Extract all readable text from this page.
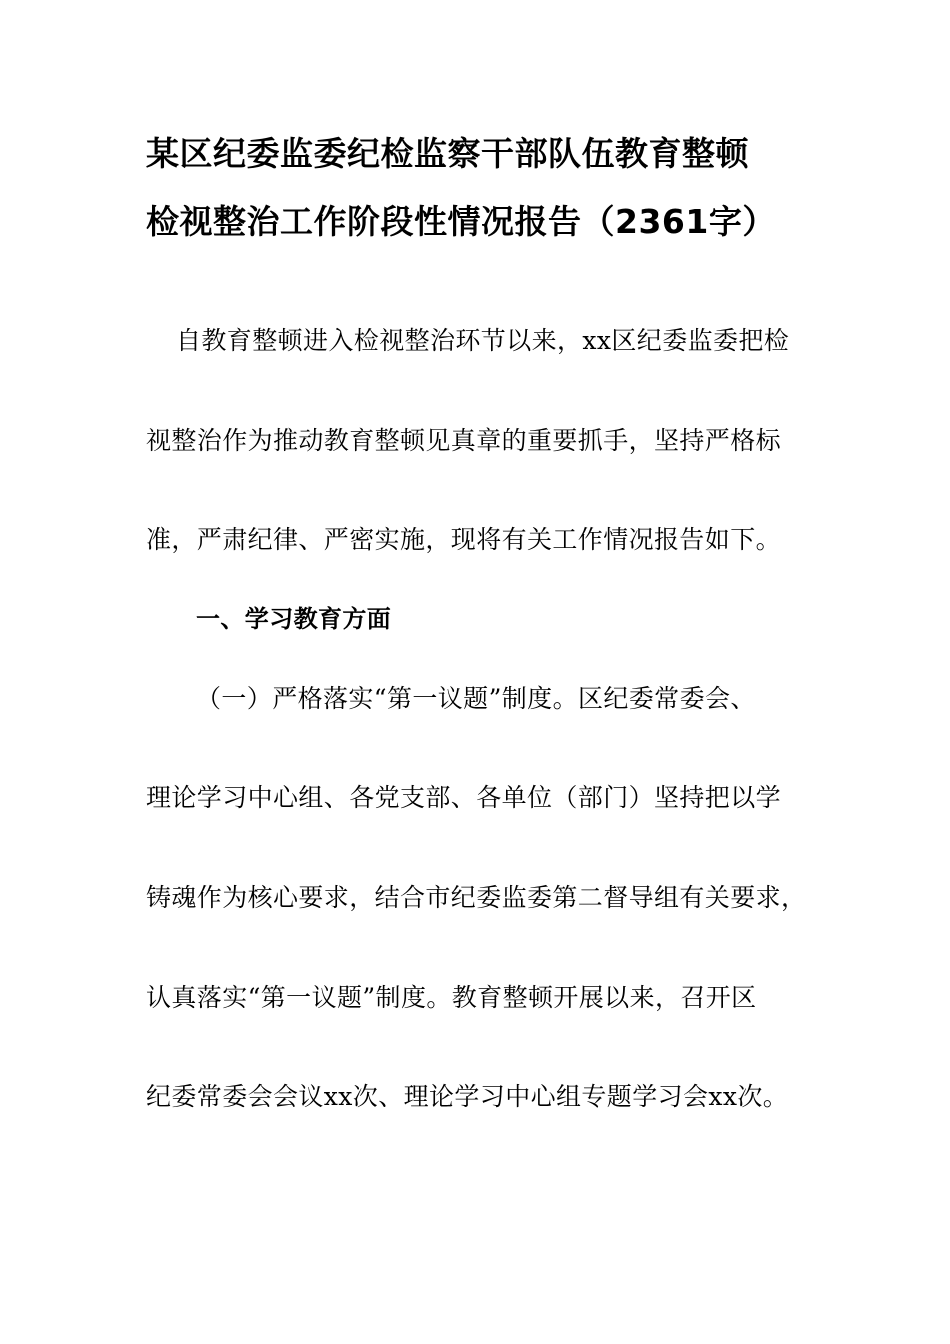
某区纪委监委纪检监察干部队伍教育整顿
检视整治工作阶段性情况报告（2361字）
自教育整顿进入检视整治环节以来，xx区纪委监委把检
视整治作为推动教育整顿见真章的重要抓手，坚持严格标
准，严肃纪律、严密实施，现将有关工作情况报告如下。
一、学习教育方面
（一）严格落实“第一议题”制度。区纪委常委会、
理论学习中心组、各党支部、各单位（部门）坚持把以学
铸魂作为核心要求，结合市纪委监委第二督导组有关要求，
认真落实“第一议题”制度。教育整顿开展以来，召开区
纪委常委会会议xx次、理论学习中心组专题学习会xx次。
